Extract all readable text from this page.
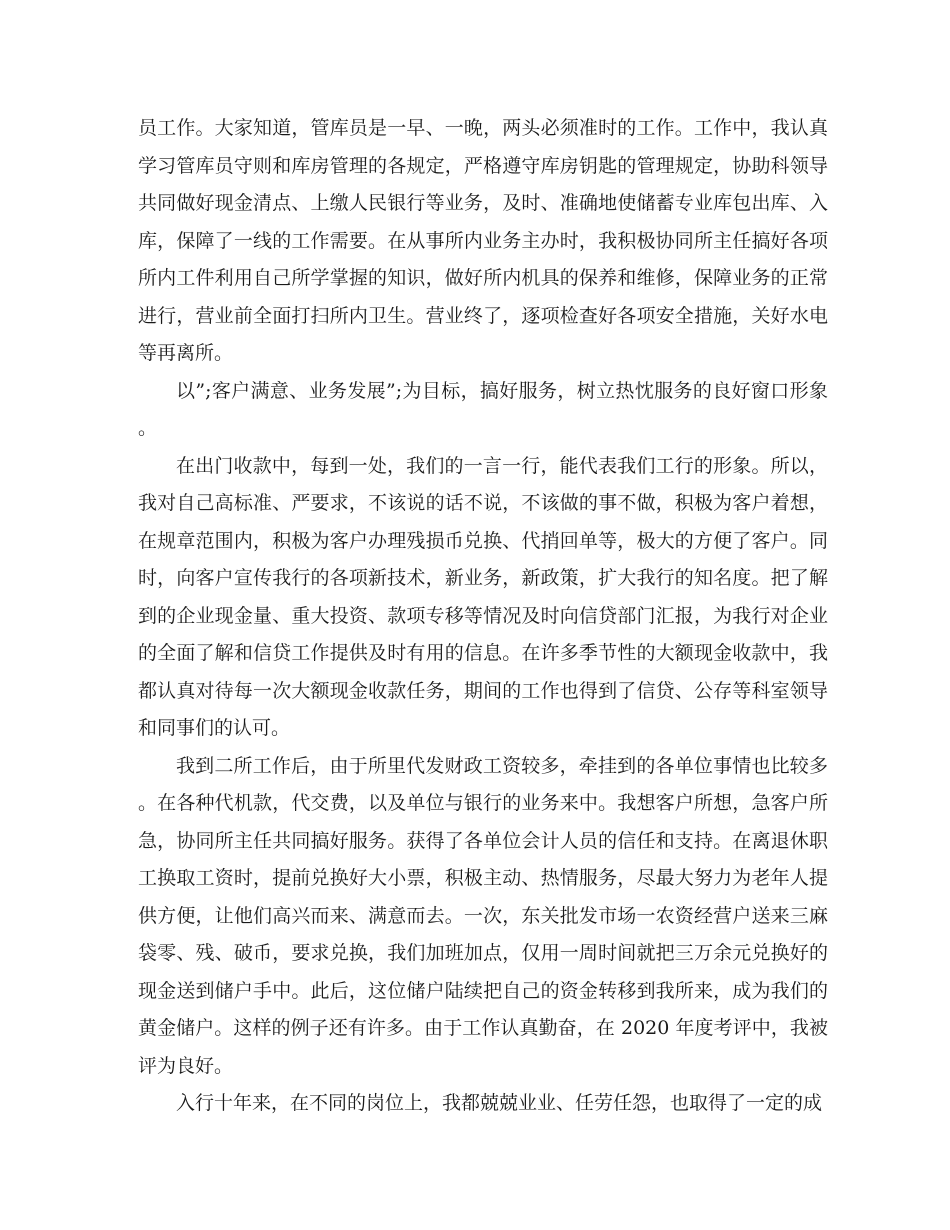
员工作。大家知道，管库员是一早、一晚，两头必须准时的工作。工作中，我认真学习管库员守则和库房管理的各规定，严格遵守库房钥匙的管理规定，协助科领导共同做好现金清点、上缴人民银行等业务，及时、准确地使储蓄专业库包出库、入库，保障了一线的工作需要。在从事所内业务主办时，我积极协同所主任搞好各项所内工件利用自己所学掌握的知识，做好所内机具的保养和维修，保障业务的正常进行，营业前全面打扫所内卫生。营业终了，逐项检查好各项安全措施，关好水电等再离所。

以”;客户满意、业务发展”;为目标，搞好服务，树立热忱服务的良好窗口形象。

在出门收款中，每到一处，我们的一言一行，能代表我们工行的形象。所以，我对自己高标准、严要求，不该说的话不说，不该做的事不做，积极为客户着想，在规章范围内，积极为客户办理残损币兑换、代捎回单等，极大的方便了客户。同时，向客户宣传我行的各项新技术，新业务，新政策，扩大我行的知名度。把了解到的企业现金量、重大投资、款项专移等情况及时向信贷部门汇报，为我行对企业的全面了解和信贷工作提供及时有用的信息。在许多季节性的大额现金收款中，我都认真对待每一次大额现金收款任务，期间的工作也得到了信贷、公存等科室领导和同事们的认可。

我到二所工作后，由于所里代发财政工资较多，牵挂到的各单位事情也比较多。在各种代机款，代交费，以及单位与银行的业务来中。我想客户所想，急客户所急，协同所主任共同搞好服务。获得了各单位会计人员的信任和支持。在离退休职工换取工资时，提前兑换好大小票，积极主动、热情服务，尽最大努力为老年人提供方便，让他们高兴而来、满意而去。一次，东关批发市场一农资经营户送来三麻袋零、残、破币，要求兑换，我们加班加点，仅用一周时间就把三万余元兑换好的现金送到储户手中。此后，这位储户陆续把自己的资金转移到我所来，成为我们的黄金储户。这样的例子还有许多。由于工作认真勤奋，在 2020 年度考评中，我被评为良好。

入行十年来，在不同的岗位上，我都兢兢业业、任劳任怨，也取得了一定的成
